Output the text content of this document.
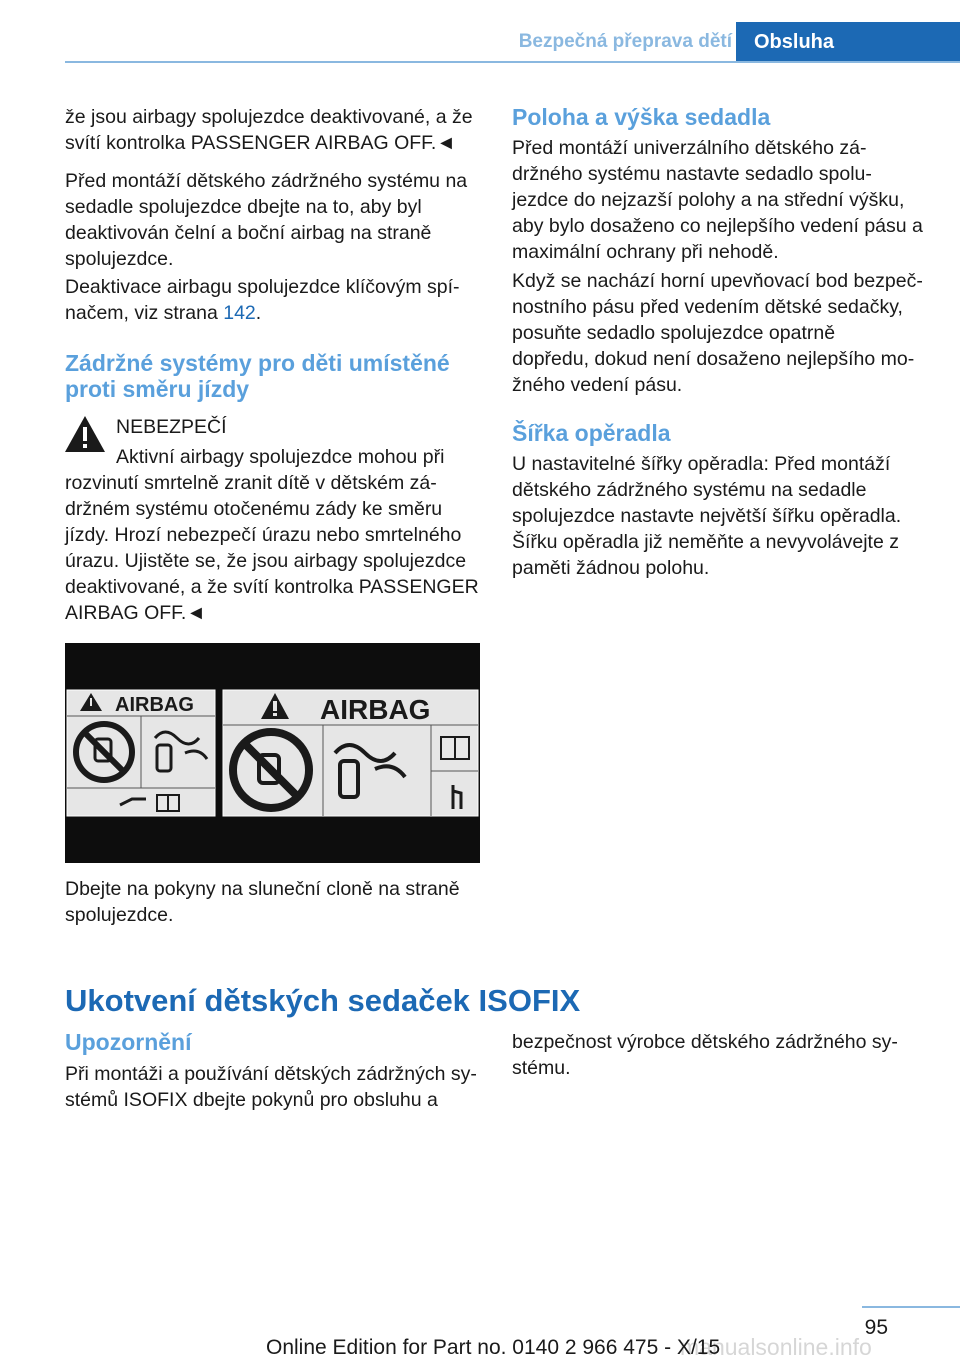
Bezpečná přeprava dětí	Obsluha
že jsou airbagy spolujezdce deaktivované, a že
svítí kontrolka PASSENGER AIRBAG OFF.◄
Před montáží dětského zádržného systému na
sedadle spolujezdce dbejte na to, aby byl
deaktivován čelní a boční airbag na straně
spolujezdce.
Deaktivace airbagu spolujezdce klíčovým spí‐
načem, viz strana 142.
Zádržné systémy pro děti umístěné
proti směru jízdy
NEBEZPEČÍ
Aktivní airbagy spolujezdce mohou při
rozvinutí smrtelně zranit dítě v dětském zá‐
držném systému otočenému zády ke směru
jízdy. Hrozí nebezpečí úrazu nebo smrtelného
úrazu. Ujistěte se, že jsou airbagy spolujezdce
deaktivované, a že svítí kontrolka PASSENGER
AIRBAG OFF.◄
AIRBAG	AIRBAG
Dbejte na pokyny na sluneční cloně na straně
spolujezdce.
Poloha a výška sedadla
Před montáží univerzálního dětského zá‐
držného systému nastavte sedadlo spolu‐
jezdce do nejzazší polohy a na střední výšku,
aby bylo dosaženo co nejlepšího vedení pásu a
maximální ochrany při nehodě.
Když se nachází horní upevňovací bod bezpeč‐
nostního pásu před vedením dětské sedačky,
posuňte sedadlo spolujezdce opatrně
dopředu, dokud není dosaženo nejlepšího mo‐
žného vedení pásu.
Šířka opěradla
U nastavitelné šířky opěradla: Před montáží
dětského zádržného systému na sedadle
spolujezdce nastavte největší šířku opěradla.
Šířku opěradla již neměňte a nevyvolávejte z
paměti žádnou polohu.
Ukotvení dětských sedaček ISOFIX
Upozornění
Při montáži a používání dětských zádržných sy‐
stémů ISOFIX dbejte pokynů pro obsluhu a
bezpečnost výrobce dětského zádržného sy‐
stému.
95
manualsonline.info
Online Edition for Part no. 0140 2 966 475 - X/15
